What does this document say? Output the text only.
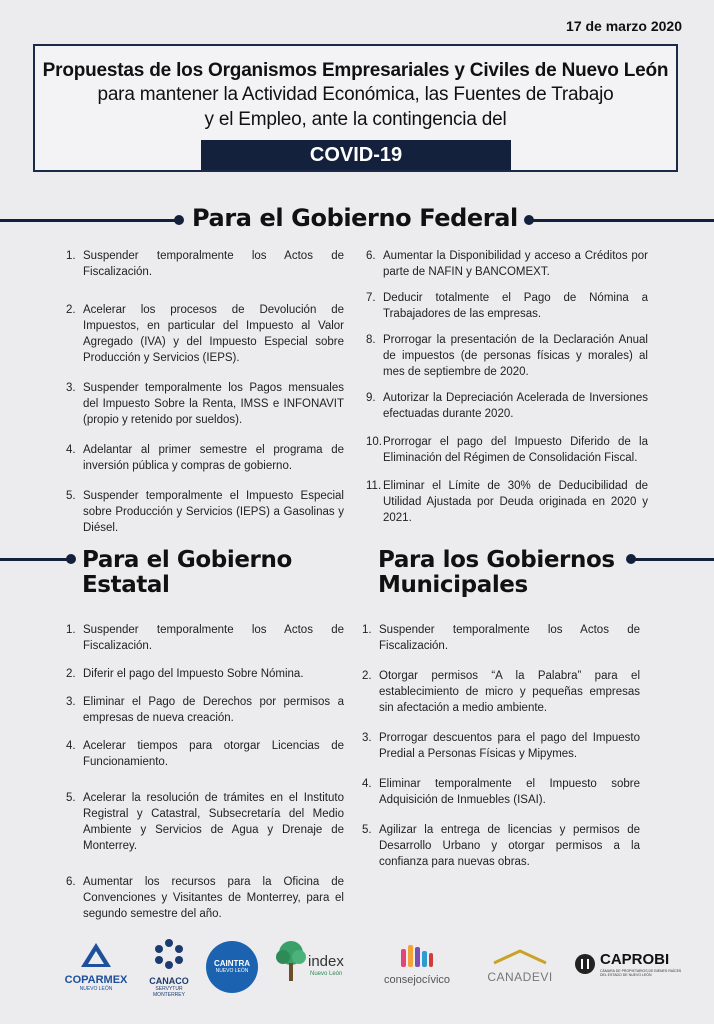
17 de marzo 2020
Propuestas de los Organismos Empresariales y Civiles de Nuevo León
para mantener la Actividad Económica, las Fuentes de Trabajo
y el Empleo, ante la contingencia del
COVID-19
Para el Gobierno Federal
1. Suspender temporalmente los Actos de Fiscalización.
2. Acelerar los procesos de Devolución de Impuestos, en particular del Impuesto al Valor Agregado (IVA) y del Impuesto Especial sobre Producción y Servicios (IEPS).
3. Suspender temporalmente los Pagos mensuales del Impuesto Sobre la Renta, IMSS e INFONAVIT (propio y retenido por sueldos).
4. Adelantar al primer semestre el programa de inversión pública y compras de gobierno.
5. Suspender temporalmente el Impuesto Especial sobre Producción y Servicios (IEPS) a Gasolinas y Diésel.
6. Aumentar la Disponibilidad y acceso a Créditos por parte de NAFIN y BANCOMEXT.
7. Deducir totalmente el Pago de Nómina a Trabajadores de las empresas.
8. Prorrogar la presentación de la Declaración Anual de impuestos (de personas físicas y morales) al mes de septiembre de 2020.
9. Autorizar la Depreciación Acelerada de Inversiones efectuadas durante 2020.
10. Prorrogar el pago del Impuesto Diferido de la Eliminación del Régimen de Consolidación Fiscal.
11. Eliminar el Límite de 30% de Deducibilidad de Utilidad Ajustada por Deuda originada en 2020 y 2021.
Para el Gobierno
Estatal
Para los Gobiernos
Municipales
1. Suspender temporalmente los Actos de Fiscalización.
2. Diferir el pago del Impuesto Sobre Nómina.
3. Eliminar el Pago de Derechos por permisos a empresas de nueva creación.
4. Acelerar tiempos para otorgar Licencias de Funcionamiento.
5. Acelerar la resolución de trámites en el Instituto Registral y Catastral, Subsecretaría del Medio Ambiente y Servicios de Agua y Drenaje de Monterrey.
6. Aumentar los recursos para la Oficina de Convenciones y Visitantes de Monterrey, para el segundo semestre del año.
1. Suspender temporalmente los Actos de Fiscalización.
2. Otorgar permisos “A la Palabra” para el establecimiento de micro y pequeñas empresas sin afectación a medio ambiente.
3. Prorrogar descuentos para el pago del Impuesto Predial a Personas Físicas y Mipymes.
4. Eliminar temporalmente el Impuesto sobre Adquisición de Inmuebles (ISAI).
5. Agilizar la entrega de licencias y permisos de Desarrollo Urbano y otorgar permisos a la confianza para nuevas obras.
COPARMEX
NUEVO LEÓN
CANACO
SERVYTUR MONTERREY
CAINTRA
NUEVO LEÓN
index
Nuevo León	consejocívico	CANADEVI
CAPROBI
CÁMARA DE PROPIETARIOS DE BIENES RAÍCES DEL ESTADO DE NUEVO LEÓN
